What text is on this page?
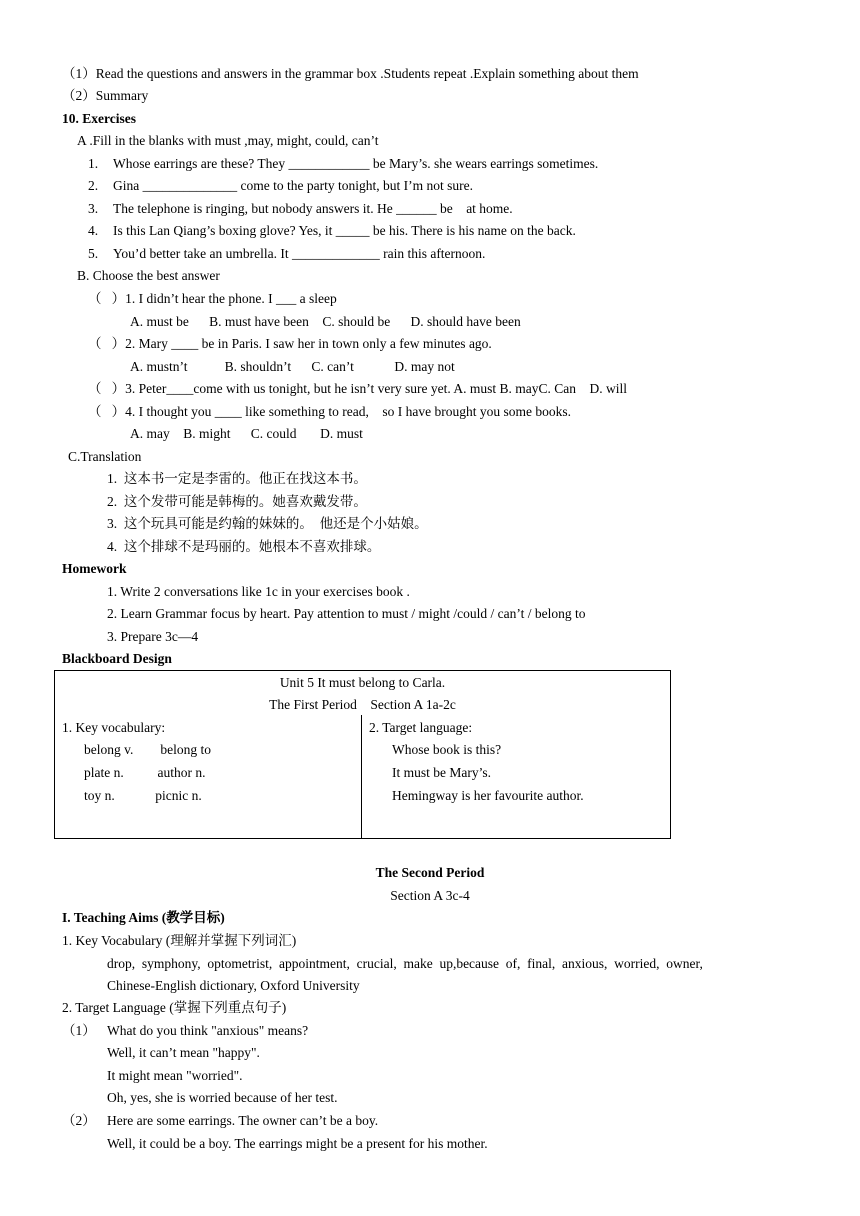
（1）Read the questions and answers in the grammar box .Students repeat .Explain something about them
（2）Summary
10. Exercises
A .Fill in the blanks with must ,may, might, could, can’t
1. Whose earrings are these? They ____________ be Mary’s. she wears earrings sometimes.
2. Gina ______________ come to the party tonight, but I’m not sure.
3. The telephone is ringing, but nobody answers it. He ______ be    at home.
4. Is this Lan Qiang’s boxing glove? Yes, it _____ be his. There is his name on the back.
5. You’d better take an umbrella. It _____________ rain this afternoon.
B. Choose the best answer
（   ）1. I didn’t hear the phone. I ___ a sleep
A. must be      B. must have been    C. should be      D. should have been
（   ）2. Mary ____ be in Paris. I saw her in town only a few minutes ago.
A. mustn’t           B. shouldn’t      C. can’t            D. may not
（   ）3. Peter____come with us tonight, but he isn’t very sure yet. A. must B. mayC. Can    D. will
（   ）4. I thought you ____ like something to read,    so I have brought you some books.
A. may    B. might      C. could       D. must
C.Translation
1.  这本书一定是李雷的。他正在找这本书。
2.  这个发带可能是韩梅的。她喜欢戴发带。
3.  这个玩具可能是约翰的妹妹的。  他还是个小姑娘。
4.  这个排球不是玛丽的。她根本不喜欢排球。
Homework
1. Write 2 conversations like 1c in your exercises book .
2. Learn Grammar focus by heart. Pay attention to must / might /could / can’t / belong to
3. Prepare 3c—4
Blackboard Design
Unit 5 It must belong to Carla.
The First Period    Section A 1a-2c
1. Key vocabulary:
belong v.        belong to
plate n.          author n.
toy n.            picnic n.
2. Target language:
Whose book is this?
It must be Mary’s.
Hemingway is her favourite author.
The Second Period
Section A 3c-4
I. Teaching Aims (教学目标)
1. Key Vocabulary (理解并掌握下列词汇)
drop,  symphony,  optometrist,  appointment,  crucial,  make  up,because  of,  final,  anxious,  worried,  owner,
Chinese-English dictionary, Oxford University
2. Target Language (掌握下列重点句子)
（1） What do you think "anxious" means?
Well, it can’t mean "happy".
It might mean "worried".
Oh, yes, she is worried because of her test.
（2） Here are some earrings. The owner can’t be a boy.
Well, it could be a boy. The earrings might be a present for his mother.
